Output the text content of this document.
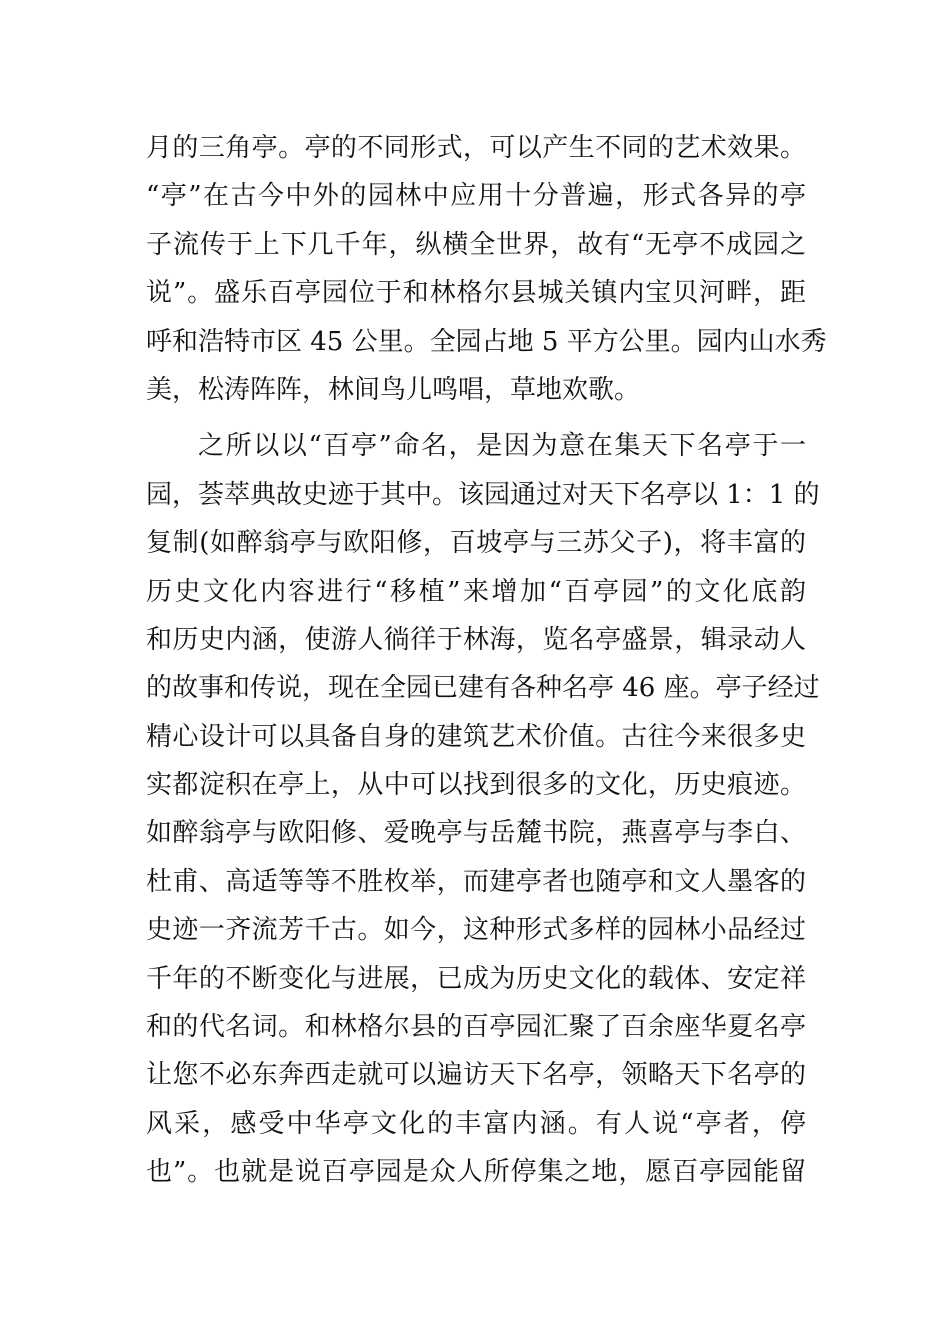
月的三角亭。亭的不同形式，可以产生不同的艺术效果。
“亭”在古今中外的园林中应用十分普遍，形式各异的亭
子流传于上下几千年，纵横全世界，故有“无亭不成园之
说”。盛乐百亭园位于和林格尔县城关镇内宝贝河畔，距
呼和浩特市区 45 公里。全园占地 5 平方公里。园内山水秀
美，松涛阵阵，林间鸟儿鸣唱，草地欢歌。
之所以以“百亭”命名，是因为意在集天下名亭于一
园，荟萃典故史迹于其中。该园通过对天下名亭以 1：1 的
复制(如醉翁亭与欧阳修，百坡亭与三苏父子)，将丰富的
历史文化内容进行“移植”来增加“百亭园”的文化底韵
和历史内涵，使游人徜徉于林海，览名亭盛景，辑录动人
的故事和传说，现在全园已建有各种名亭 46 座。亭子经过
精心设计可以具备自身的建筑艺术价值。古往今来很多史
实都淀积在亭上，从中可以找到很多的文化，历史痕迹。
如醉翁亭与欧阳修、爱晚亭与岳麓书院，燕喜亭与李白、
杜甫、高适等等不胜枚举，而建亭者也随亭和文人墨客的
史迹一齐流芳千古。如今，这种形式多样的园林小品经过
千年的不断变化与进展，已成为历史文化的载体、安定祥
和的代名词。和林格尔县的百亭园汇聚了百余座华夏名亭
让您不必东奔西走就可以遍访天下名亭，领略天下名亭的
风采，感受中华亭文化的丰富内涵。有人说“亭者，停
也”。也就是说百亭园是众人所停集之地，愿百亭园能留
